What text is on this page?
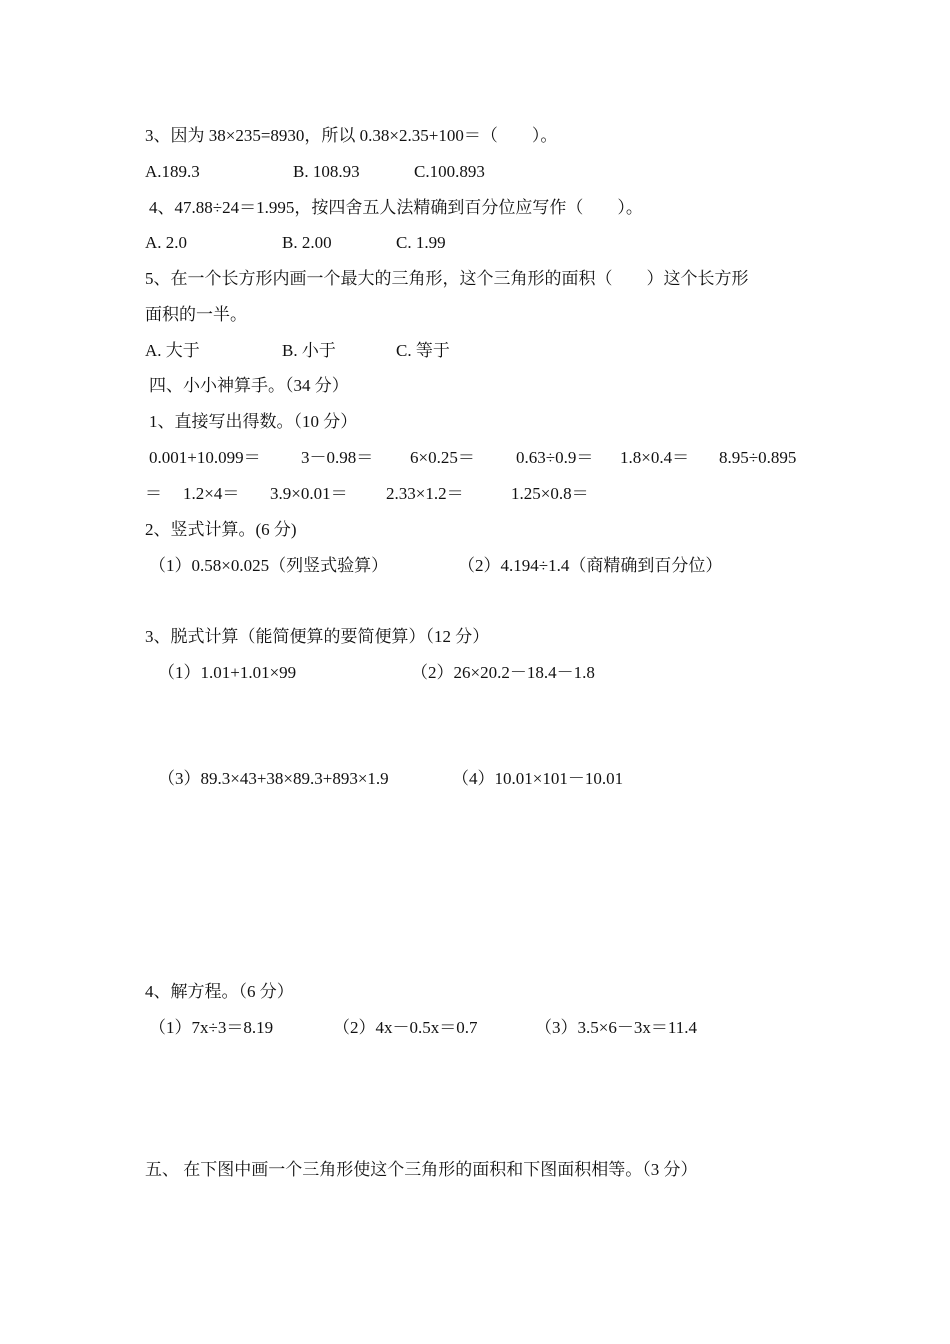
3、因为 38×235=8930，所以 0.38×2.35+100＝（　　）。
A.189.3	B. 108.93	C.100.893
4、47.88÷24＝1.995，按四舍五人法精确到百分位应写作（　　）。
A. 2.0	B. 2.00	C. 1.99
5、在一个长方形内画一个最大的三角形，这个三角形的面积（　　）这个长方形
面积的一半。
A. 大于	B. 小于	C. 等于
四、小小神算手。（34 分）
1、直接写出得数。（10 分）
0.001+10.099＝ 3－0.98＝ 6×0.25＝ 0.63÷0.9＝ 1.8×0.4＝ 8.95÷0.895
＝ 1.2×4＝ 3.9×0.01＝ 2.33×1.2＝	1.25×0.8＝
2、竖式计算。(6 分)
（1）0.58×0.025（列竖式验算）	（2）4.194÷1.4（商精确到百分位）
3、脱式计算（能简便算的要简便算）（12 分）
（1）1.01+1.01×99	（2）26×20.2－18.4－1.8
（3）89.3×43+38×89.3+893×1.9	（4）10.01×101－10.01
4、解方程。（6 分）
（1）7x÷3＝8.19	（2）4x－0.5x＝0.7	（3）3.5×6－3x＝11.4
五、 在下图中画一个三角形使这个三角形的面积和下图面积相等。（3 分）
